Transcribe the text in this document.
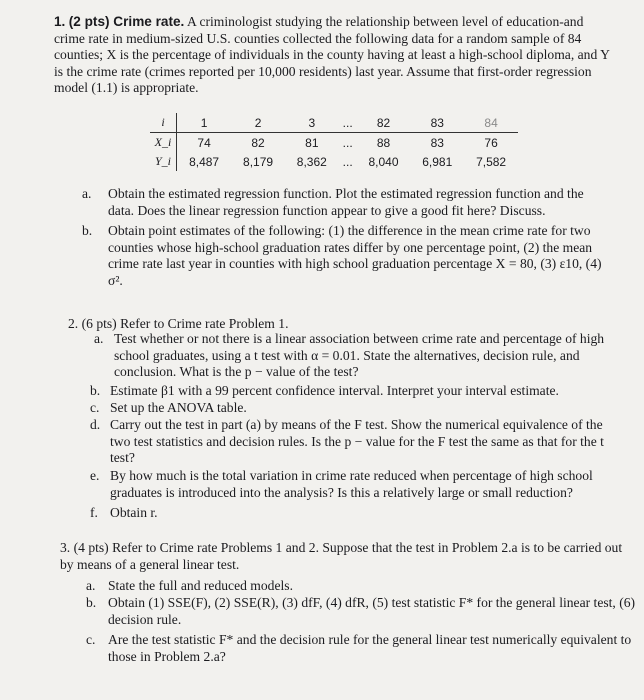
1. (2 pts) Crime rate. A criminologist studying the relationship between level of education-and crime rate in medium-sized U.S. counties collected the following data for a random sample of 84 counties; X is the percentage of individuals in the county having at least a high-school diploma, and Y is the crime rate (crimes reported per 10,000 residents) last year. Assume that first-order regression model (1.1) is appropriate.
i	1	2	3	...	82	83	84
X_i	74	82	81	...	88	83	76
Y_i	8,487	8,179	8,362	...	8,040	6,981	7,582
a. Obtain the estimated regression function. Plot the estimated regression function and the data. Does the linear regression function appear to give a good fit here? Discuss.
b. Obtain point estimates of the following: (1) the difference in the mean crime rate for two counties whose high-school graduation rates differ by one percentage point, (2) the mean crime rate last year in counties with high school graduation percentage X = 80, (3) ε10, (4) σ².
2. (6 pts) Refer to Crime rate Problem 1.
a. Test whether or not there is a linear association between crime rate and percentage of high school graduates, using a t test with α = 0.01. State the alternatives, decision rule, and conclusion. What is the p − value of the test?
b. Estimate β1 with a 99 percent confidence interval. Interpret your interval estimate.
c. Set up the ANOVA table.
d. Carry out the test in part (a) by means of the F test. Show the numerical equivalence of the two test statistics and decision rules. Is the p − value for the F test the same as that for the t test?
e. By how much is the total variation in crime rate reduced when percentage of high school graduates is introduced into the analysis? Is this a relatively large or small reduction?
f. Obtain r.
3. (4 pts) Refer to Crime rate Problems 1 and 2. Suppose that the test in Problem 2.a is to be carried out by means of a general linear test.
a. State the full and reduced models.
b. Obtain (1) SSE(F), (2) SSE(R), (3) dfF, (4) dfR, (5) test statistic F* for the general linear test, (6) decision rule.
c. Are the test statistic F* and the decision rule for the general linear test numerically equivalent to those in Problem 2.a?
